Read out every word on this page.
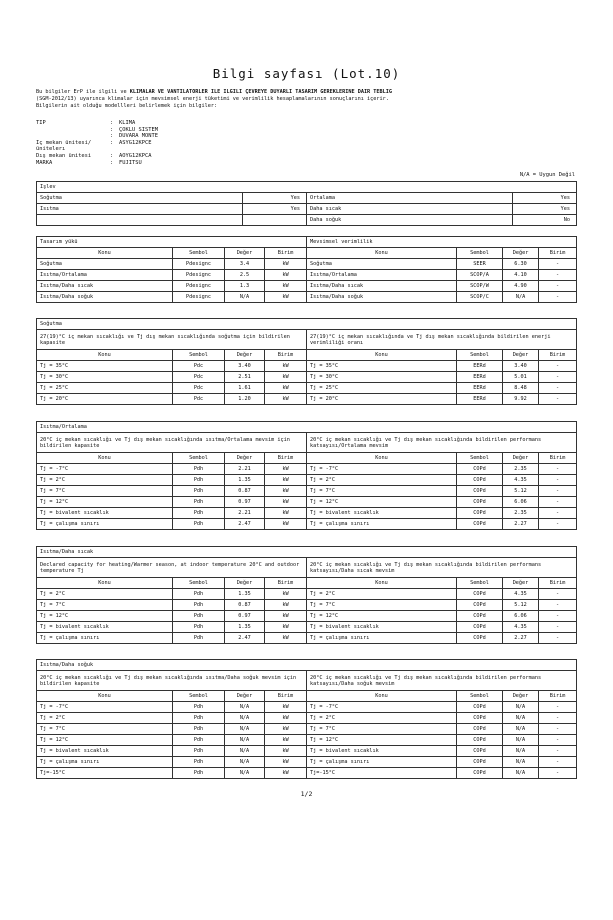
Bilgi sayfası (Lot.10)
Bu bilgiler ErP ile ilgili ve KLIMALAR VE VANTILATORLER ILE ILGILI ÇEVREYE DUYARLI TASARIM GEREKLERINE DAIR TEBLIG
(SGM-2012/13) uyarınca klimalar için mevsimsel enerji tüketimi ve verimlilik hesaplamalarının sonuçlarını içerir.
Bilgilerin ait olduğu modellleri belirlemek için bilgiler:
TIP	:	KLIMA
	:	ÇOKLU SISTEM
	:	DUVARA MONTE
Iç mekan ünitesi/ünitelerı	:	ASYG12KPCE
Dış mekan ünitesi	:	AOYG12KPCA
MARKA	:	FUJITSU
N/A = Uygun Değil
Işlev			
Soğutma	Yes	Ortalama	Yes
Isıtma	Yes	Daha sıcak	Yes
		Daha soğuk	No
Tasarım yükü				Mevsimsel verimlilik			
Konu	Sembol	Değer	Birim	Konu	Sembol	Değer	Birim
Soğutma	Pdesignc	3.4	kW	Soğutma	SEER	6.30	-
Isıtma/Ortalama	Pdesignc	2.5	kW	Isıtma/Ortalama	SCOP/A	4.10	-
Isıtma/Daha sıcak	Pdesignc	1.3	kW	Isıtma/Daha sıcak	SCOP/W	4.90	-
Isıtma/Daha soğuk	Pdesignc	N/A	kW	Isıtma/Daha soğuk	SCOP/C	N/A	-
Soğutma							
27(19)°C iç mekan sıcaklığı ve Tj dış mekan sıcaklığında soğutma için bildirilen kapasite				27(19)°C iç mekan sıcaklığında ve Tj dış mekan sıcaklığında bildirilen enerji verimliliği oranı			
Konu	Sembol	Değer	Birim	Konu	Sembol	Değer	Birim
Tj = 35°C	Pdc	3.40	kW	Tj = 35°C	EERd	3.40	-
Tj = 30°C	Pdc	2.51	kW	Tj = 30°C	EERd	5.01	-
Tj = 25°C	Pdc	1.61	kW	Tj = 25°C	EERd	8.48	-
Tj = 20°C	Pdc	1.20	kW	Tj = 20°C	EERd	9.92	-
Isıtma/Ortalama							
20°C iç mekan sıcaklığı ve Tj dış mekan sıcaklığında ısıtma/Ortalama mevsim için bildirilen kapasite				20°C iç mekan sıcaklığı ve Tj dış mekan sıcaklığında bildirilen performans katsayısı/Ortalama mevsim			
Konu	Sembol	Değer	Birim	Konu	Sembol	Değer	Birim
Tj = -7°C	Pdh	2.21	kW	Tj = -7°C	COPd	2.35	-
Tj = 2°C	Pdh	1.35	kW	Tj = 2°C	COPd	4.35	-
Tj = 7°C	Pdh	0.87	kW	Tj = 7°C	COPd	5.12	-
Tj = 12°C	Pdh	0.97	kW	Tj = 12°C	COPd	6.06	-
Tj = bivalent sıcaklık	Pdh	2.21	kW	Tj = bivalent sıcaklık	COPd	2.35	-
Tj = çalışma sınırı	Pdh	2.47	kW	Tj = çalışma sınırı	COPd	2.27	-
Isıtma/Daha sıcak							
Declared capacity for heating/Warmer season, at indoor temperature 20°C and outdoor temperature Tj				20°C iç mekan sıcaklığı ve Tj dış mekan sıcaklığında bildirilen performans katsayısı/Daha sıcak mevsim			
Konu	Sembol	Değer	Birim	Konu	Sembol	Değer	Birim
Tj = 2°C	Pdh	1.35	kW	Tj = 2°C	COPd	4.35	-
Tj = 7°C	Pdh	0.87	kW	Tj = 7°C	COPd	5.12	-
Tj = 12°C	Pdh	0.97	kW	Tj = 12°C	COPd	6.06	-
Tj = bivalent sıcaklık	Pdh	1.35	kW	Tj = bivalent sıcaklık	COPd	4.35	-
Tj = çalışma sınırı	Pdh	2.47	kW	Tj = çalışma sınırı	COPd	2.27	-
Isıtma/Daha soğuk							
20°C iç mekan sıcaklığı ve Tj dış mekan sıcaklığında ısıtma/Daha soğuk mevsim için bildirilen kapasite				20°C iç mekan sıcaklığı ve Tj dış mekan sıcaklığında bildirilen performans katsayısı/Daha soğuk mevsim			
Konu	Sembol	Değer	Birim	Konu	Sembol	Değer	Birim
Tj = -7°C	Pdh	N/A	kW	Tj = -7°C	COPd	N/A	-
Tj = 2°C	Pdh	N/A	kW	Tj = 2°C	COPd	N/A	-
Tj = 7°C	Pdh	N/A	kW	Tj = 7°C	COPd	N/A	-
Tj = 12°C	Pdh	N/A	kW	Tj = 12°C	COPd	N/A	-
Tj = bivalent sıcaklık	Pdh	N/A	kW	Tj = bivalent sıcaklık	COPd	N/A	-
Tj = çalışma sınırı	Pdh	N/A	kW	Tj = çalışma sınırı	COPd	N/A	-
Tj=-15°C	Pdh	N/A	kW	Tj=-15°C	COPd	N/A	-
1/2
